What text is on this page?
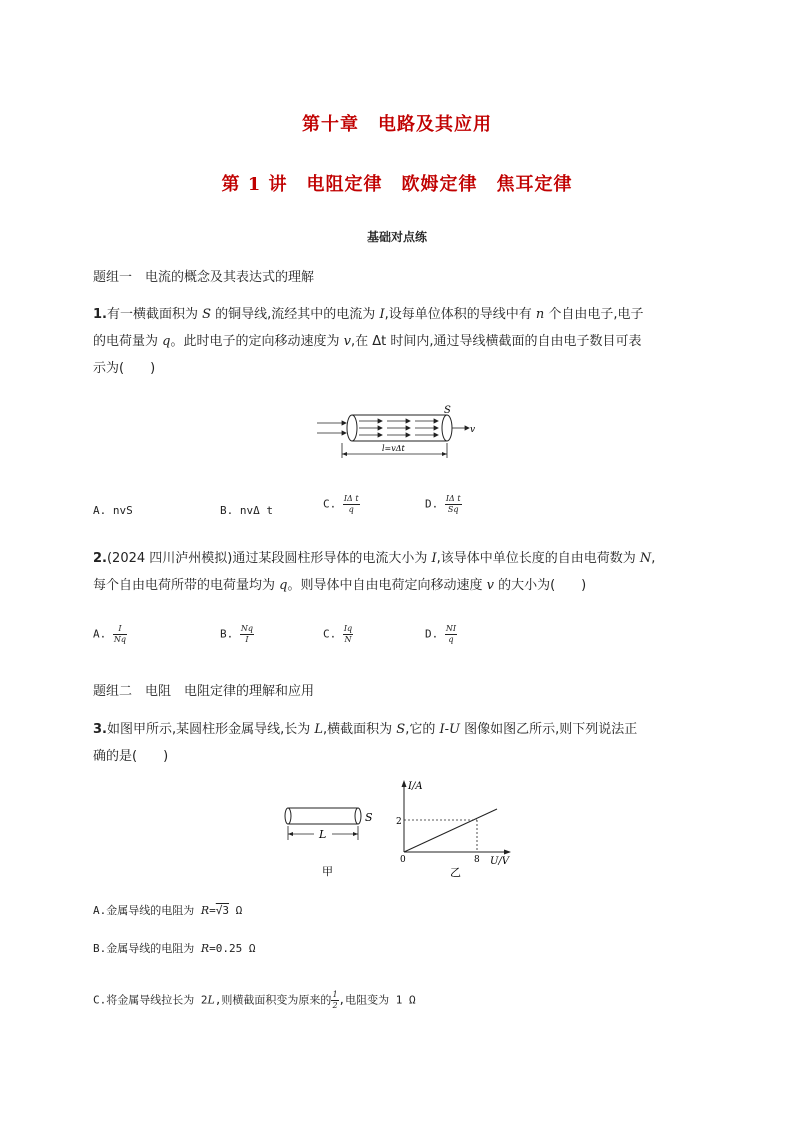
第十章　电路及其应用
第 1 讲　电阻定律　欧姆定律　焦耳定律
基础对点练
题组一　电流的概念及其表达式的理解
1.有一横截面积为 S 的铜导线,流经其中的电流为 I,设每单位体积的导线中有 n 个自由电子,电子
的电荷量为 q。此时电子的定向移动速度为 v,在 Δt 时间内,通过导线横截面的自由电子数目可表
示为(　　)
S
v
l=vΔt
A. nvS	B. nvΔ t	C. $\frac{\text{IΔ t}}{q}$	D. $\frac{\text{IΔ t}}{Sq}$
2.(2024 四川泸州模拟)通过某段圆柱形导体的电流大小为 I,该导体中单位长度的自由电荷数为 N,
每个自由电荷所带的电荷量均为 q。则导体中自由电荷定向移动速度 v 的大小为(　　)
A. $\frac{I}{Nq}$	B. $\frac{Nq}{I}$	C. $\frac{Iq}{N}$	D. $\frac{NI}{q}$
题组二　电阻　电阻定律的理解和应用
3.如图甲所示,某圆柱形金属导线,长为 L,横截面积为 S,它的 I-U 图像如图乙所示,则下列说法正
确的是(　　)
L
S
甲
I/A
U/V
2
8
0
乙
A.金属导线的电阻为 R=√3 Ω
B.金属导线的电阻为 R=0.25 Ω
C.将金属导线拉长为 2L,则横截面积变为原来的 $\frac{1}{2}$ ,电阻变为 1 Ω
